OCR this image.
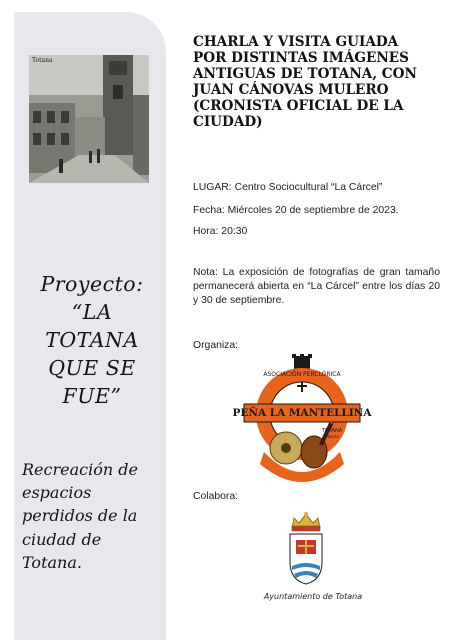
Totana
Proyecto:
“LA
TOTANA
QUE SE
FUE”
Recreación de espacios perdidos de la ciudad de Totana.
CHARLA Y VISITA GUIADA POR DISTINTAS IMÁGENES ANTIGUAS DE TOTANA, CON JUAN CÁNOVAS MULERO (CRONISTA OFICIAL DE LA CIUDAD)
LUGAR: Centro Sociocultural “La Cárcel”
Fecha: Miércoles 20 de septiembre de 2023.
Hora: 20:30
Nota: La exposición de fotografías de gran tamaño permanecerá abierta en “La Cárcel” entre los días 20 y 30 de septiembre.
Organiza:
ASOCIACIÓN PERCLÓRICA
PEÑA LA MANTELLINA
TOTANA
Murcia
Colabora:
Ayuntamiento de Totana
